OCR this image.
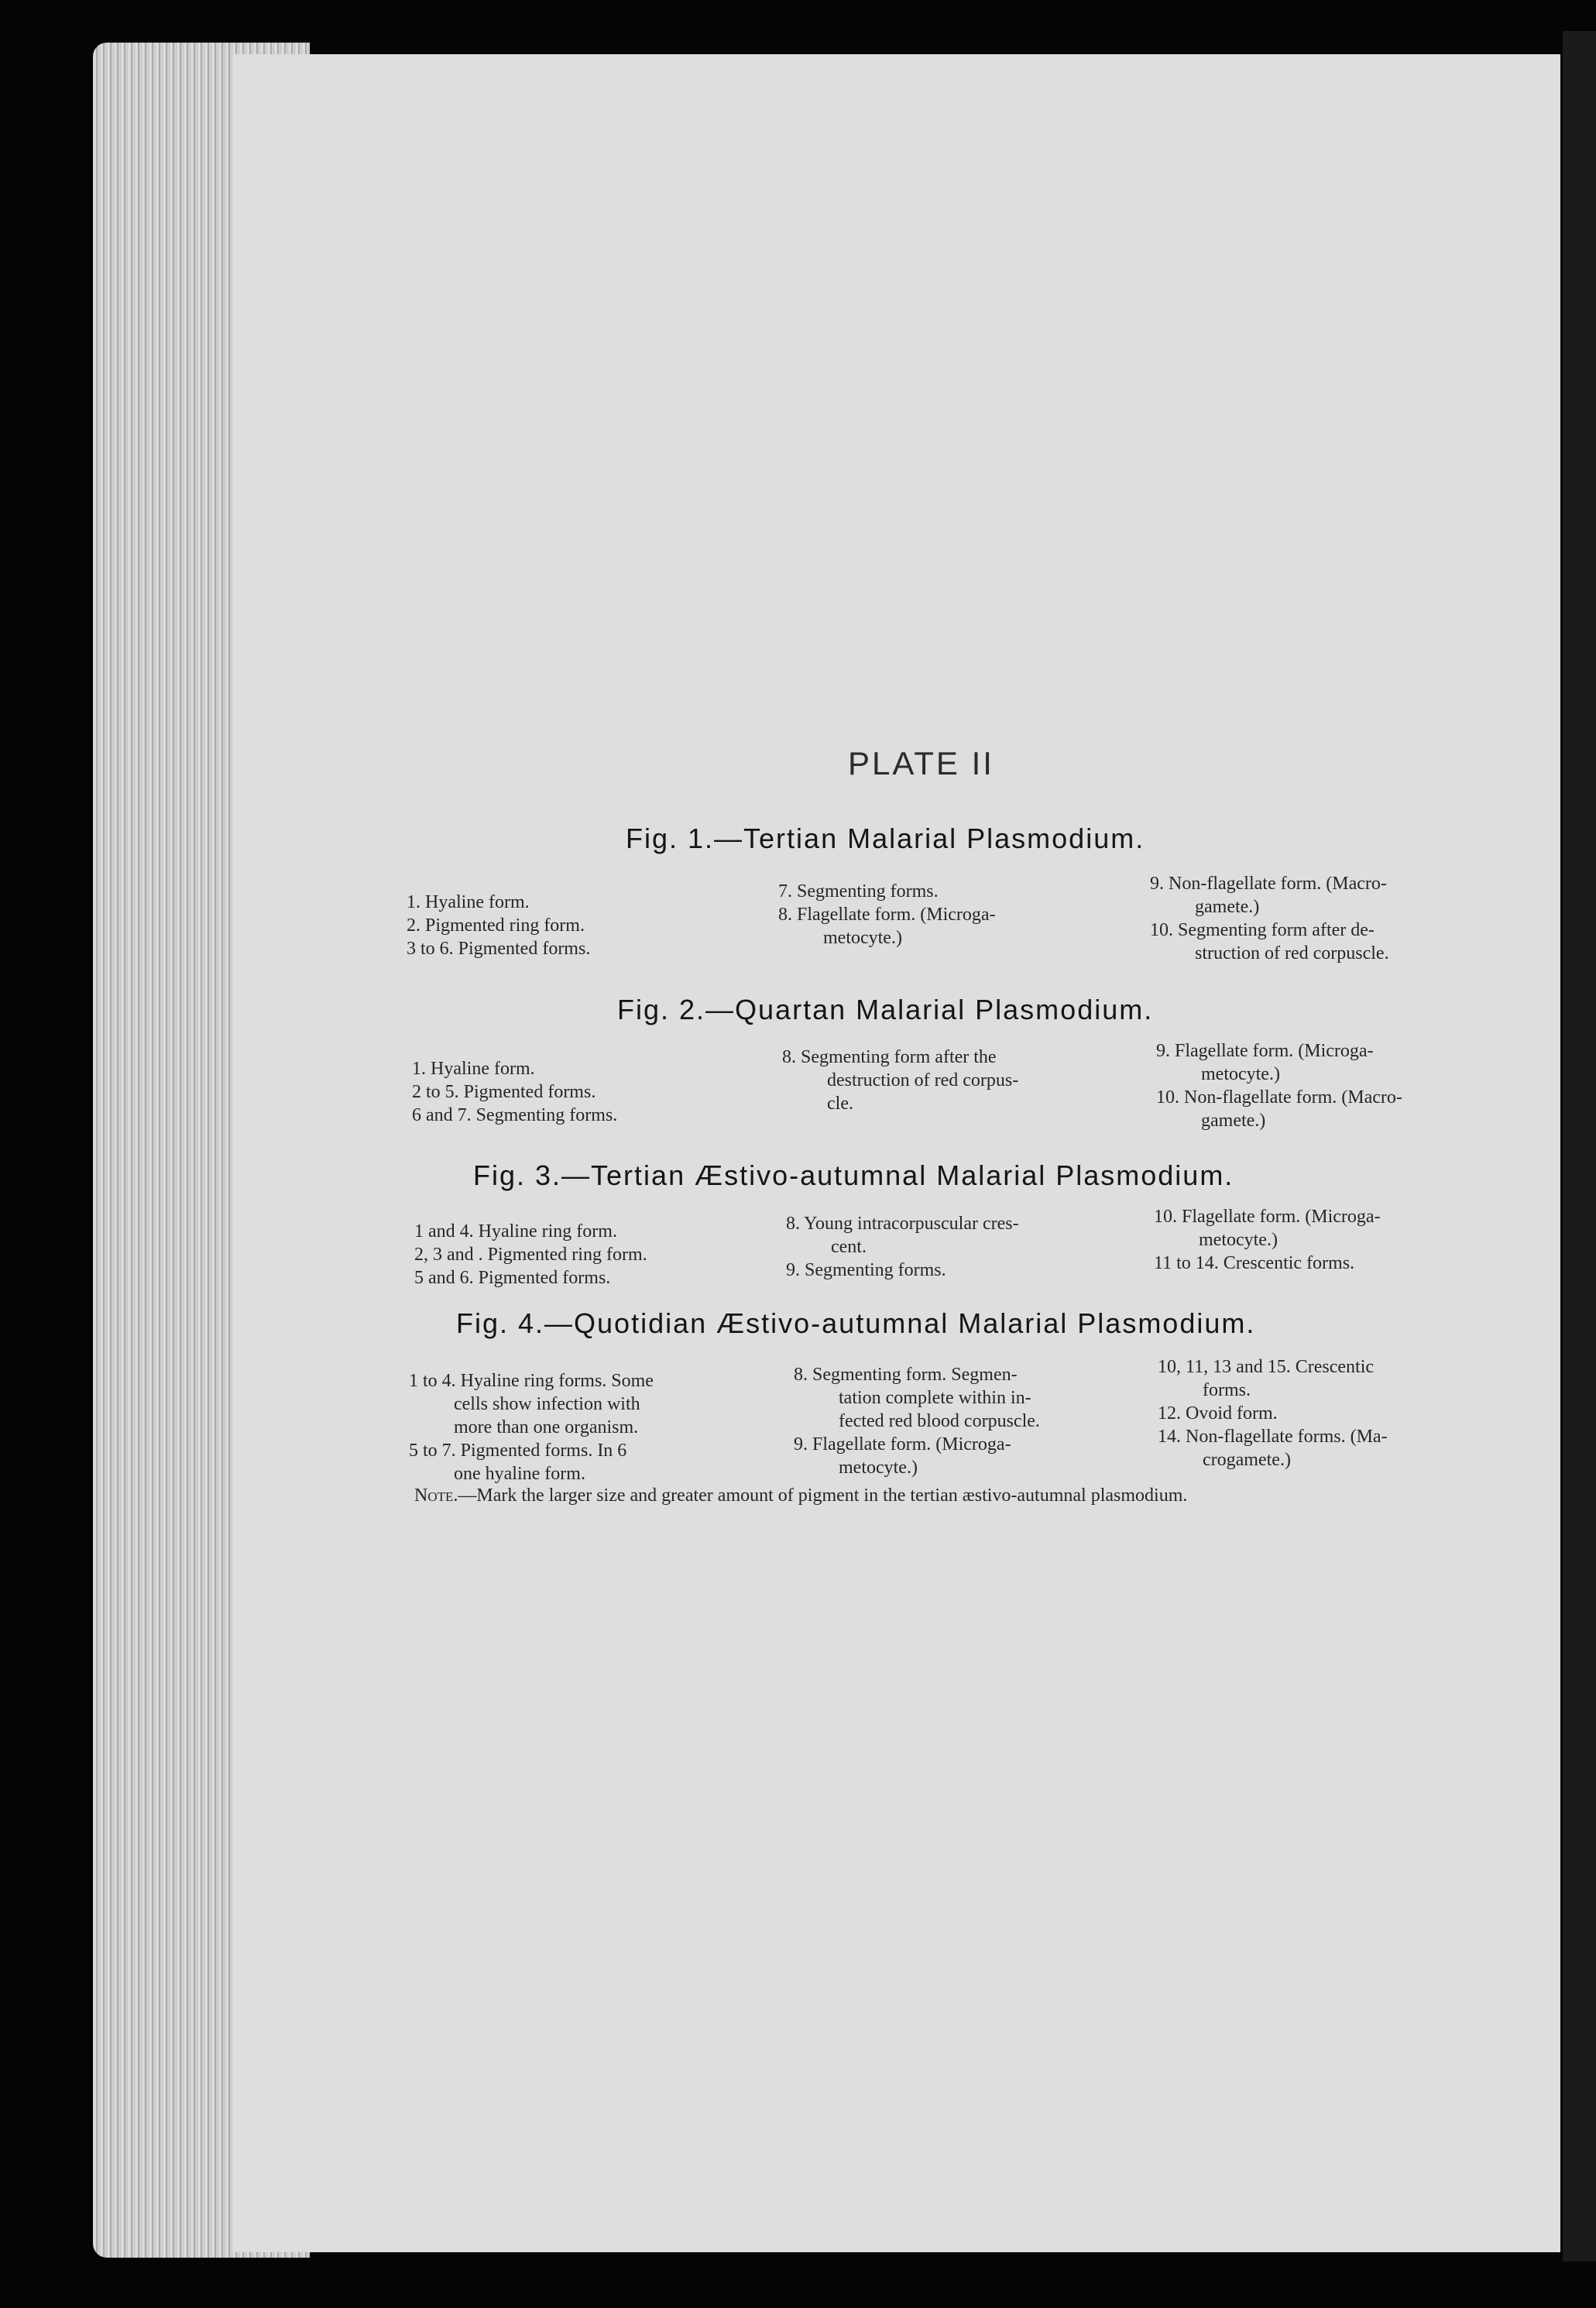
PLATE II
Fig. 1.—Tertian Malarial Plasmodium.
1. Hyaline form.
2. Pigmented ring form.
3 to 6. Pigmented forms.
7. Segmenting forms.
8. Flagellate form. (Microga-
metocyte.)
9. Non-flagellate form. (Macro-
gamete.)
10. Segmenting form after de-
struction of red corpuscle.
Fig. 2.—Quartan Malarial Plasmodium.
1. Hyaline form.
2 to 5. Pigmented forms.
6 and 7. Segmenting forms.
8. Segmenting form after the
destruction of red corpus-
cle.
9. Flagellate form. (Microga-
metocyte.)
10. Non-flagellate form. (Macro-
gamete.)
Fig. 3.—Tertian Æstivo-autumnal Malarial Plasmodium.
1 and 4. Hyaline ring form.
2, 3 and . Pigmented ring form.
5 and 6. Pigmented forms.
8. Young intracorpuscular cres-
cent.
9. Segmenting forms.
10. Flagellate form. (Microga-
metocyte.)
11 to 14. Crescentic forms.
Fig. 4.—Quotidian Æstivo-autumnal Malarial Plasmodium.
1 to 4. Hyaline ring forms. Some
cells show infection with
more than one organism.
5 to 7. Pigmented forms. In 6
one hyaline form.
8. Segmenting form. Segmen-
tation complete within in-
fected red blood corpuscle.
9. Flagellate form. (Microga-
metocyte.)
10, 11, 13 and 15. Crescentic
forms.
12. Ovoid form.
14. Non-flagellate forms. (Ma-
crogamete.)
Note.—Mark the larger size and greater amount of pigment in the tertian æstivo-autumnal plasmodium.
